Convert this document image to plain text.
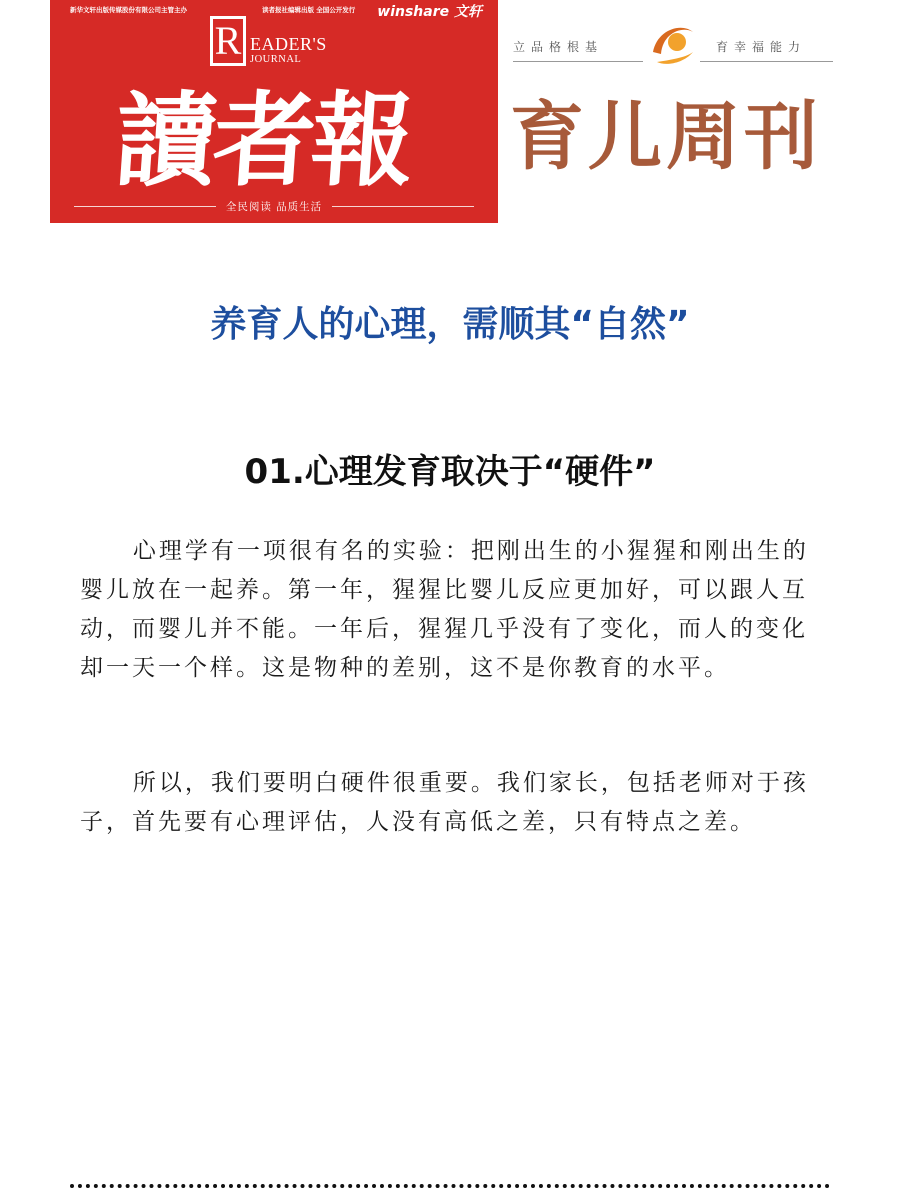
新华文轩出版传媒股份有限公司主管主办	读者报社编辑出版 全国公开发行 winshare 文轩
R EADER'S
JOURNAL
讀者報
全民阅读 品质生活
立品格根基	育幸福能力
育儿周刊
养育人的心理，需顺其“自然”
01.心理发育取决于“硬件”

心理学有一项很有名的实验：把刚出生的小猩猩和刚出生的婴儿放在一起养。第一年，猩猩比婴儿反应更加好，可以跟人互动，而婴儿并不能。一年后，猩猩几乎没有了变化，而人的变化却一天一个样。这是物种的差别，这不是你教育的水平。

所以，我们要明白硬件很重要。我们家长，包括老师对于孩子，首先要有心理评估，人没有高低之差，只有特点之差。
